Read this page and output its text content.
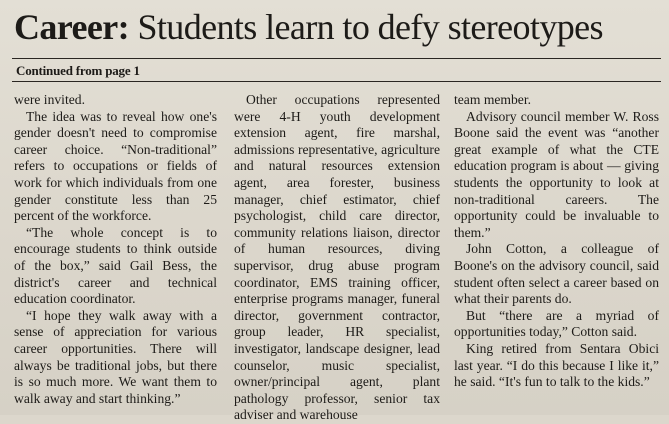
Career: Students learn to defy stereotypes
Continued from page 1

were invited.

The idea was to reveal how one's gender doesn't need to compromise career choice. “Non-traditional” refers to occupations or fields of work for which individuals from one gender constitute less than 25 percent of the workforce.

“The whole concept is to encourage students to think outside of the box,” said Gail Bess, the district's career and technical education coordinator.

“I hope they walk away with a sense of appreciation for various career opportunities. There will always be traditional jobs, but there is so much more. We want them to walk away and start thinking.”

Other occupations represented were 4-H youth development extension agent, fire marshal, admissions representative, agriculture and natural resources extension agent, area forester, business manager, chief estimator, chief psychologist, child care director, community relations liaison, director of human resources, diving supervisor, drug abuse program coordinator, EMS training officer, enterprise programs manager, funeral director, government contractor, group leader, HR specialist, investigator, landscape designer, lead counselor, music specialist, owner/principal agent, plant pathology professor, senior tax adviser and warehouse

team member.

Advisory council member W. Ross Boone said the event was “another great example of what the CTE education program is about — giving students the opportunity to look at non-traditional careers. The opportunity could be invaluable to them.”

John Cotton, a colleague of Boone's on the advisory council, said student often select a career based on what their parents do.

But “there are a myriad of opportunities today,” Cotton said.

King retired from Sentara Obici last year. “I do this because I like it,” he said. “It's fun to talk to the kids.”
